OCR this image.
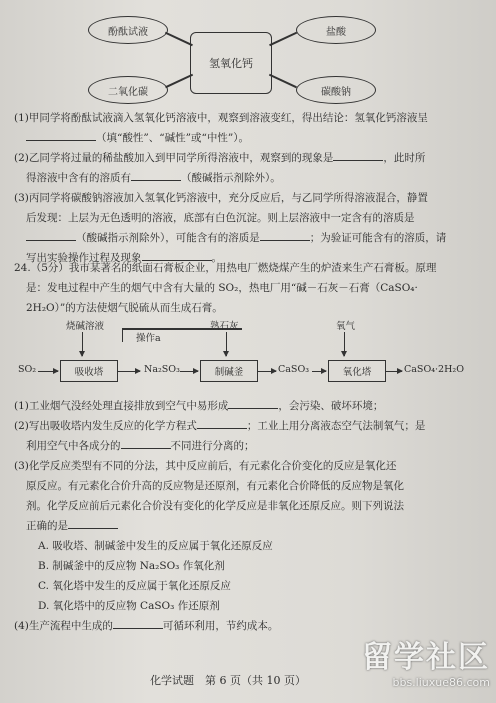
酚酞试液
二氧化碳
氢氧化钙
盐酸
碳酸钠
(1)甲同学将酚酞试液滴入氢氧化钙溶液中，观察到溶液变红，得出结论：氢氧化钙溶液呈
（填“酸性”、“碱性”或“中性”）。
(2)乙同学将过量的稀盐酸加入到甲同学所得溶液中，观察到的现象是	，此时所
得溶液中含有的溶质有	（酸碱指示剂除外）。
(3)丙同学将碳酸钠溶液加入氢氧化钙溶液中，充分反应后，与乙同学所得溶液混合，静置
后发现：上层为无色透明的溶液，底部有白色沉淀。则上层溶液中一定含有的溶质是
（酸碱指示剂除外），可能含有的溶质是	；为验证可能含有的溶质，请
写出实验操作过程及现象	。
24.（5分）我市某著名的纸面石膏板企业，用热电厂燃烧煤产生的炉渣来生产石膏板。原理
是：发电过程中产生的烟气中含有大量的 SO₂，热电厂用“碱－石灰－石膏（CaSO₄·
2H₂O）”的方法使烟气脱硫从而生成石膏。
烧碱溶液
操作a
熟石灰	氧气
SO₂	吸收塔	Na₂SO₃	制碱釜	CaSO₃	氧化塔	CaSO₄·2H₂O
(1)工业烟气没经处理直接排放到空气中易形成	，会污染、破坏环境；
(2)写出吸收塔内发生反应的化学方程式	；工业上用分离液态空气法制氧气；是
利用空气中各成分的	不同进行分离的；
(3)化学反应类型有不同的分法，其中反应前后，有元素化合价变化的反应是氧化还
原反应。有元素化合价升高的反应物是还原剂，有元素化合价降低的反应物是氧化
剂。化学反应前后元素化合价没有变化的化学反应是非氧化还原反应。则下列说法
正确的是
A. 吸收塔、制碱釜中发生的反应属于氧化还原反应
B. 制碱釜中的反应物 Na₂SO₃ 作氧化剂
C. 氧化塔中发生的反应属于氧化还原反应
D. 氧化塔中的反应物 CaSO₃ 作还原剂
(4)生产流程中生成的	可循环利用，节约成本。
化学试题　第 6 页（共 10 页）
留学社区
bbs.liuxue86.com
